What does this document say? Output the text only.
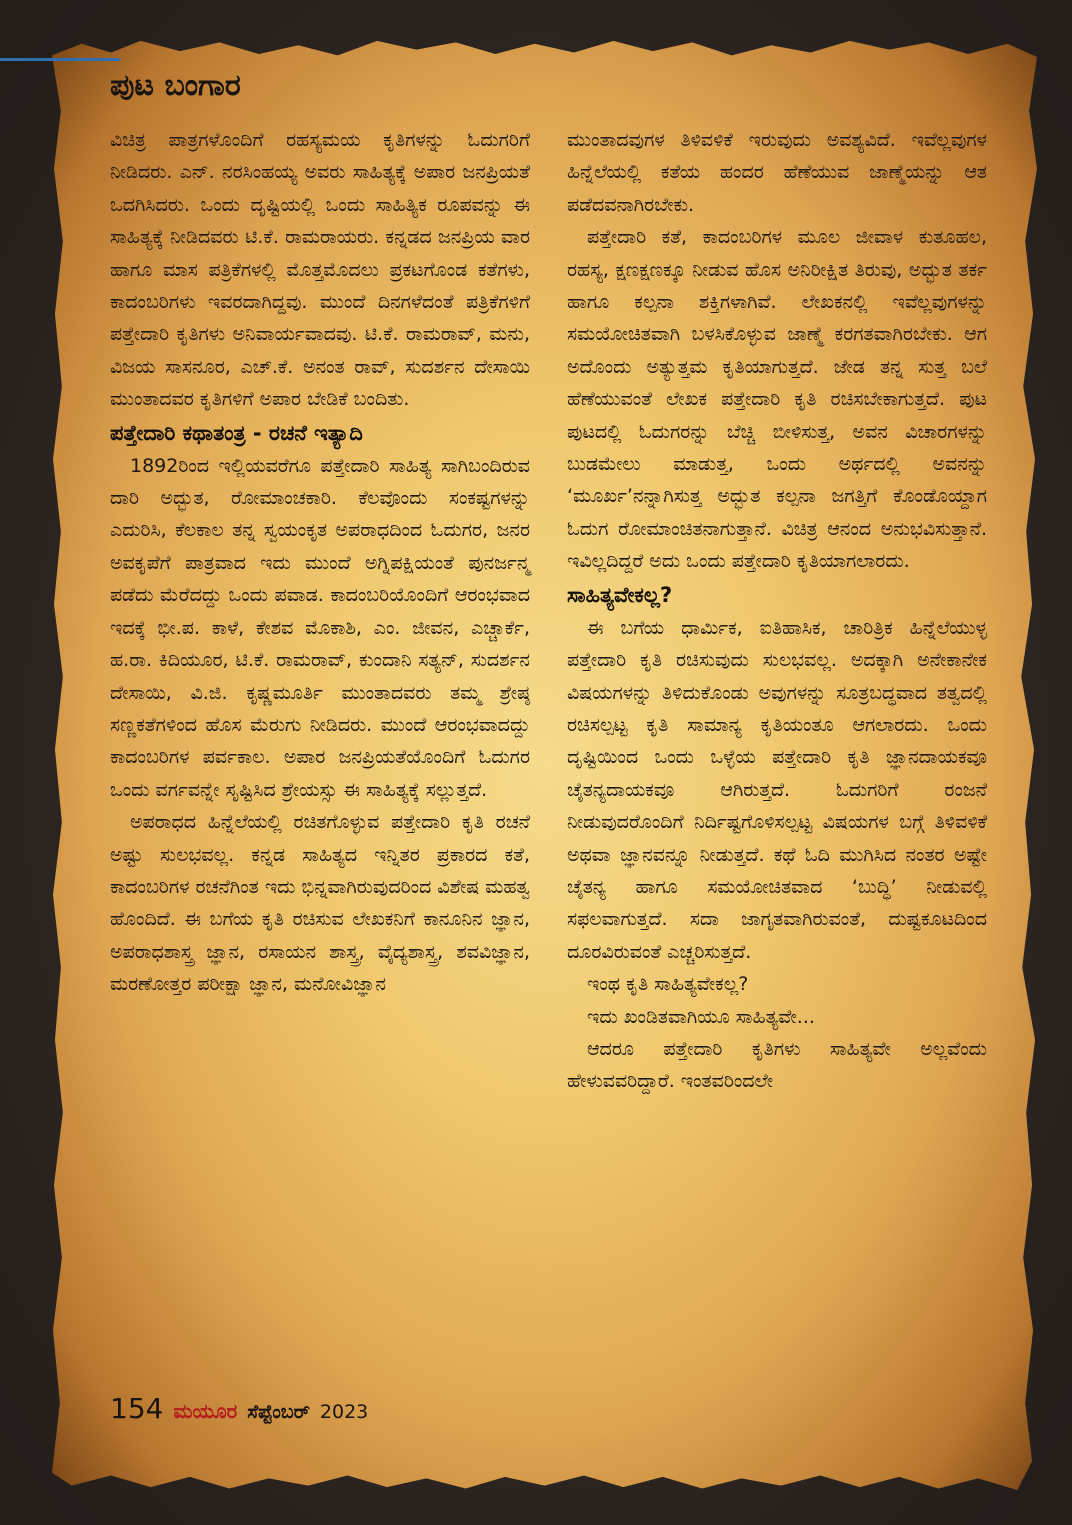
ಪುಟ ಬಂಗಾರ

ವಿಚಿತ್ರ ಪಾತ್ರಗಳೊಂದಿಗೆ ರಹಸ್ಯಮಯ ಕೃತಿಗಳನ್ನು ಓದುಗರಿಗೆ ನೀಡಿದರು. ಎನ್. ನರಸಿಂಹಯ್ಯ ಅವರು ಸಾಹಿತ್ಯಕ್ಕೆ ಅಪಾರ ಜನಪ್ರಿಯತೆ ಒದಗಿಸಿದರು. ಒಂದು ದೃಷ್ಟಿಯಲ್ಲಿ ಒಂದು ಸಾಹಿತ್ಯಿಕ ರೂಪವನ್ನು ಈ ಸಾಹಿತ್ಯಕ್ಕೆ ನೀಡಿದವರು ಟಿ.ಕೆ. ರಾಮರಾಯರು. ಕನ್ನಡದ ಜನಪ್ರಿಯ ವಾರ ಹಾಗೂ ಮಾಸ ಪತ್ರಿಕೆಗಳಲ್ಲಿ ಮೊತ್ತಮೊದಲು ಪ್ರಕಟಗೊಂಡ ಕತೆಗಳು, ಕಾದಂಬರಿಗಳು ಇವರದಾಗಿದ್ದವು. ಮುಂದೆ ದಿನಗಳೆದಂತೆ ಪತ್ರಿಕೆಗಳಿಗೆ ಪತ್ತೇದಾರಿ ಕೃತಿಗಳು ಅನಿವಾರ್ಯವಾದವು. ಟಿ.ಕೆ. ರಾಮರಾವ್, ಮನು, ವಿಜಯ ಸಾಸನೂರ, ಎಚ್.ಕೆ. ಅನಂತ ರಾವ್, ಸುದರ್ಶನ ದೇಸಾಯಿ ಮುಂತಾದವರ ಕೃತಿಗಳಿಗೆ ಅಪಾರ ಬೇಡಿಕೆ ಬಂದಿತು.

ಪತ್ತೇದಾರಿ ಕಥಾತಂತ್ರ - ರಚನೆ ಇತ್ಯಾದಿ

1892ರಿಂದ ಇಲ್ಲಿಯವರೆಗೂ ಪತ್ತೇದಾರಿ ಸಾಹಿತ್ಯ ಸಾಗಿಬಂದಿರುವ ದಾರಿ ಅದ್ಭುತ, ರೋಮಾಂಚಕಾರಿ. ಕೆಲವೊಂದು ಸಂಕಷ್ಟಗಳನ್ನು ಎದುರಿಸಿ, ಕೆಲಕಾಲ ತನ್ನ ಸ್ವಯಂಕೃತ ಅಪರಾಧದಿಂದ ಓದುಗರ, ಜನರ ಅವಕೃಪೆಗೆ ಪಾತ್ರವಾದ ಇದು ಮುಂದೆ ಅಗ್ನಿಪಕ್ಷಿಯಂತೆ ಪುನರ್ಜನ್ಮ ಪಡೆದು ಮೆರೆದದ್ದು ಒಂದು ಪವಾಡ. ಕಾದಂಬರಿಯೊಂದಿಗೆ ಆರಂಭವಾದ ಇದಕ್ಕೆ ಭೀ.ಪ. ಕಾಳೆ, ಕೇಶವ ಮೊಕಾಶಿ, ಎಂ. ಜೀವನ, ಎಚ್ಚಾರ್ಕೆ, ಹ.ರಾ. ಕಿದಿಯೂರ, ಟಿ.ಕೆ. ರಾಮರಾವ್, ಕುಂದಾನಿ ಸತ್ಯನ್, ಸುದರ್ಶನ ದೇಸಾಯಿ, ವಿ.ಜಿ. ಕೃಷ್ಣಮೂರ್ತಿ ಮುಂತಾದವರು ತಮ್ಮ ಶ್ರೇಷ್ಠ ಸಣ್ಣಕತೆಗಳಿಂದ ಹೊಸ ಮೆರುಗು ನೀಡಿದರು. ಮುಂದೆ ಆರಂಭವಾದದ್ದು ಕಾದಂಬರಿಗಳ ಪರ್ವಕಾಲ. ಅಪಾರ ಜನಪ್ರಿಯತೆಯೊಂದಿಗೆ ಓದುಗರ ಒಂದು ವರ್ಗವನ್ನೇ ಸೃಷ್ಟಿಸಿದ ಶ್ರೇಯಸ್ಸು ಈ ಸಾಹಿತ್ಯಕ್ಕೆ ಸಲ್ಲುತ್ತದೆ.

ಅಪರಾಧದ ಹಿನ್ನೆಲೆಯಲ್ಲಿ ರಚಿತಗೊಳ್ಳುವ ಪತ್ತೇದಾರಿ ಕೃತಿ ರಚನೆ ಅಷ್ಟು ಸುಲಭವಲ್ಲ. ಕನ್ನಡ ಸಾಹಿತ್ಯದ ಇನ್ನಿತರ ಪ್ರಕಾರದ ಕತೆ, ಕಾದಂಬರಿಗಳ ರಚನೆಗಿಂತ ಇದು ಭಿನ್ನವಾಗಿರುವುದರಿಂದ ವಿಶೇಷ ಮಹತ್ವ ಹೊಂದಿದೆ. ಈ ಬಗೆಯ ಕೃತಿ ರಚಿಸುವ ಲೇಖಕನಿಗೆ ಕಾನೂನಿನ ಜ್ಞಾನ, ಅಪರಾಧಶಾಸ್ತ್ರ ಜ್ಞಾನ, ರಸಾಯನ ಶಾಸ್ತ್ರ, ವೈದ್ಯಶಾಸ್ತ್ರ, ಶವವಿಜ್ಞಾನ, ಮರಣೋತ್ತರ ಪರೀಕ್ಷಾ ಜ್ಞಾನ, ಮನೋವಿಜ್ಞಾನ

ಮುಂತಾದವುಗಳ ತಿಳಿವಳಿಕೆ ಇರುವುದು ಅವಶ್ಯವಿದೆ. ಇವೆಲ್ಲವುಗಳ ಹಿನ್ನೆಲೆಯಲ್ಲಿ ಕತೆಯ ಹಂದರ ಹೆಣೆಯುವ ಜಾಣ್ಮೆಯನ್ನು ಆತ ಪಡೆದವನಾಗಿರಬೇಕು.

ಪತ್ತೇದಾರಿ ಕತೆ, ಕಾದಂಬರಿಗಳ ಮೂಲ ಜೀವಾಳ ಕುತೂಹಲ, ರಹಸ್ಯ, ಕ್ಷಣಕ್ಷಣಕ್ಕೂ ನೀಡುವ ಹೊಸ ಅನಿರೀಕ್ಷಿತ ತಿರುವು, ಅದ್ಭುತ ತರ್ಕ ಹಾಗೂ ಕಲ್ಪನಾ ಶಕ್ತಿಗಳಾಗಿವೆ. ಲೇಖಕನಲ್ಲಿ ಇವೆಲ್ಲವುಗಳನ್ನು ಸಮಯೋಚಿತವಾಗಿ ಬಳಸಿಕೊಳ್ಳುವ ಜಾಣ್ಮೆ ಕರಗತವಾಗಿರಬೇಕು. ಆಗ ಅದೊಂದು ಅತ್ಯುತ್ತಮ ಕೃತಿಯಾಗುತ್ತದೆ. ಜೇಡ ತನ್ನ ಸುತ್ತ ಬಲೆ ಹೆಣೆಯುವಂತೆ ಲೇಖಕ ಪತ್ತೇದಾರಿ ಕೃತಿ ರಚಿಸಬೇಕಾಗುತ್ತದೆ. ಪುಟ ಪುಟದಲ್ಲಿ ಓದುಗರನ್ನು ಬೆಚ್ಚಿ ಬೀಳಿಸುತ್ತ, ಅವನ ವಿಚಾರಗಳನ್ನು ಬುಡಮೇಲು ಮಾಡುತ್ತ, ಒಂದು ಅರ್ಥದಲ್ಲಿ ಅವನನ್ನು ‘ಮೂರ್ಖ’ನನ್ನಾಗಿಸುತ್ತ ಅದ್ಭುತ ಕಲ್ಪನಾ ಜಗತ್ತಿಗೆ ಕೊಂಡೊಯ್ದಾಗ ಓದುಗ ರೋಮಾಂಚಿತನಾಗುತ್ತಾನೆ. ವಿಚಿತ್ರ ಆನಂದ ಅನುಭವಿಸುತ್ತಾನೆ. ಇವಿಲ್ಲದಿದ್ದರೆ ಅದು ಒಂದು ಪತ್ತೇದಾರಿ ಕೃತಿಯಾಗಲಾರದು.

ಸಾಹಿತ್ಯವೇಕಲ್ಲ?

ಈ ಬಗೆಯ ಧಾರ್ಮಿಕ, ಐತಿಹಾಸಿಕ, ಚಾರಿತ್ರಿಕ ಹಿನ್ನೆಲೆಯುಳ್ಳ ಪತ್ತೇದಾರಿ ಕೃತಿ ರಚಿಸುವುದು ಸುಲಭವಲ್ಲ. ಅದಕ್ಕಾಗಿ ಅನೇಕಾನೇಕ ವಿಷಯಗಳನ್ನು ತಿಳಿದುಕೊಂಡು ಅವುಗಳನ್ನು ಸೂತ್ರಬದ್ಧವಾದ ತತ್ವದಲ್ಲಿ ರಚಿಸಲ್ಪಟ್ಟ ಕೃತಿ ಸಾಮಾನ್ಯ ಕೃತಿಯಂತೂ ಆಗಲಾರದು. ಒಂದು ದೃಷ್ಟಿಯಿಂದ ಒಂದು ಒಳ್ಳೆಯ ಪತ್ತೇದಾರಿ ಕೃತಿ ಜ್ಞಾನದಾಯಕವೂ ಚೈತನ್ಯದಾಯಕವೂ ಆಗಿರುತ್ತದೆ. ಓದುಗರಿಗೆ ರಂಜನೆ ನೀಡುವುದರೊಂದಿಗೆ ನಿರ್ದಿಷ್ಟಗೊಳಿಸಲ್ಪಟ್ಟ ವಿಷಯಗಳ ಬಗ್ಗೆ ತಿಳಿವಳಿಕೆ ಅಥವಾ ಜ್ಞಾನವನ್ನೂ ನೀಡುತ್ತದೆ. ಕಥೆ ಓದಿ ಮುಗಿಸಿದ ನಂತರ ಅಷ್ಟೇ ಚೈತನ್ಯ ಹಾಗೂ ಸಮಯೋಚಿತವಾದ ‘ಬುದ್ಧಿ’ ನೀಡುವಲ್ಲಿ ಸಫಲವಾಗುತ್ತದೆ. ಸದಾ ಜಾಗೃತವಾಗಿರುವಂತೆ, ದುಷ್ಟಕೂಟದಿಂದ ದೂರವಿರುವಂತೆ ಎಚ್ಚರಿಸುತ್ತದೆ.

ಇಂಥ ಕೃತಿ ಸಾಹಿತ್ಯವೇಕಲ್ಲ?

ಇದು ಖಂಡಿತವಾಗಿಯೂ ಸಾಹಿತ್ಯವೇ...

ಆದರೂ ಪತ್ತೇದಾರಿ ಕೃತಿಗಳು ಸಾಹಿತ್ಯವೇ ಅಲ್ಲವೆಂದು ಹೇಳುವವರಿದ್ದಾರೆ. ಇಂತವರಿಂದಲೇ

154 ಮಯೂರ ಸೆಪ್ಟೆಂಬರ್ 2023
